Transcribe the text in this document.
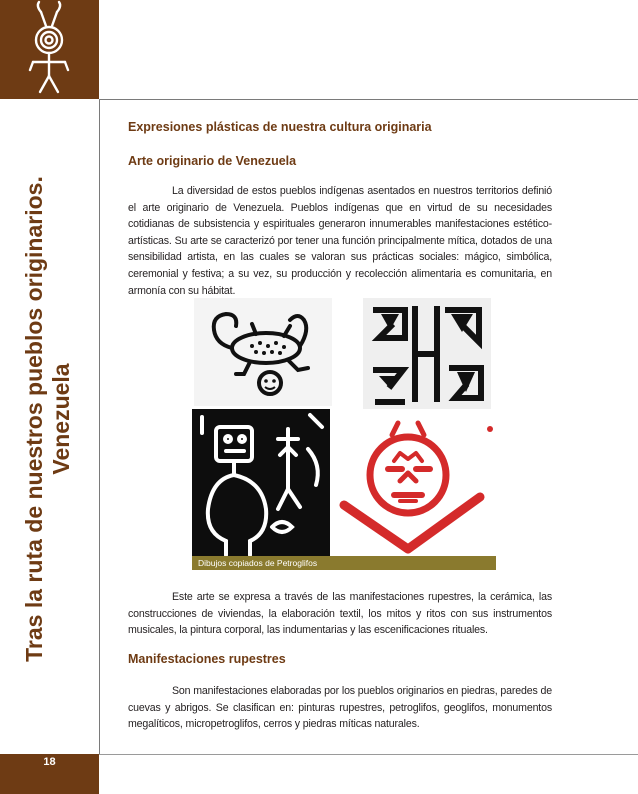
Tras la ruta de nuestros pueblos originarios. Venezuela
18
Expresiones plásticas de nuestra cultura originaria
Arte originario de Venezuela

La diversidad de estos pueblos indígenas asentados en nuestros territorios definió el arte originario de Venezuela. Pueblos indígenas que en virtud de su necesidades cotidianas de subsistencia y espirituales generaron innumerables manifestaciones estético-artísticas. Su arte se caracterizó por tener una función principalmente mítica, dotados de una sensibilidad artista, en las cuales se valoran sus prácticas sociales: mágico, simbólica, ceremonial y festiva; a su vez, su producción y recolección alimentaria es comunitaria, en armonía con su hábitat.

Dibujos copiados de Petroglifos

Este arte se expresa a través de las manifestaciones rupestres, la cerámica, las construcciones de viviendas, la elaboración textil, los mitos y ritos con sus instrumentos musicales, la pintura corporal, las indumentarias y las escenificaciones rituales.

Manifestaciones rupestres

Son manifestaciones elaboradas por los pueblos originarios en piedras, paredes de cuevas y abrigos. Se clasifican en: pinturas rupestres, petroglifos, geoglifos, monumentos megalíticos, micropetroglifos, cerros y piedras míticas naturales.
